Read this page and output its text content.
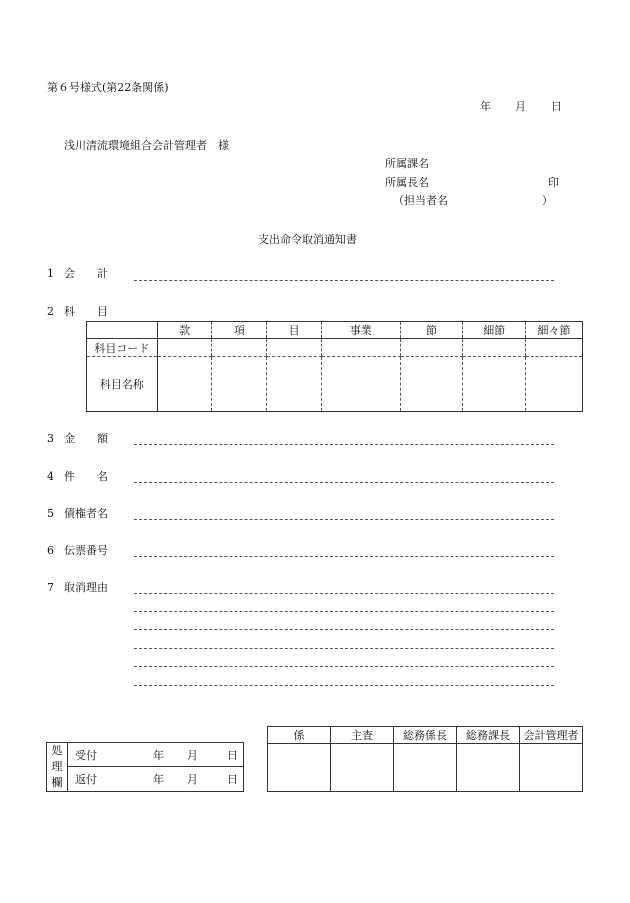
第６号様式(第22条関係)
年 月 日
浅川清流環境組合会計管理者　様
所属課名
所属長名	印
（担当者名	）
支出命令取消通知書
1 会　　計
2 科　　目
	款	項	目	事業	節	細節	細々節
科目コード							
科目名称							
3 金　　額
4 件　　名
5 債権者名
6 伝票番号
7 取消理由
処
理
欄	受付	年 月	日
返付	年 月	日
係	主査	総務係長	総務課長	会計管理者
